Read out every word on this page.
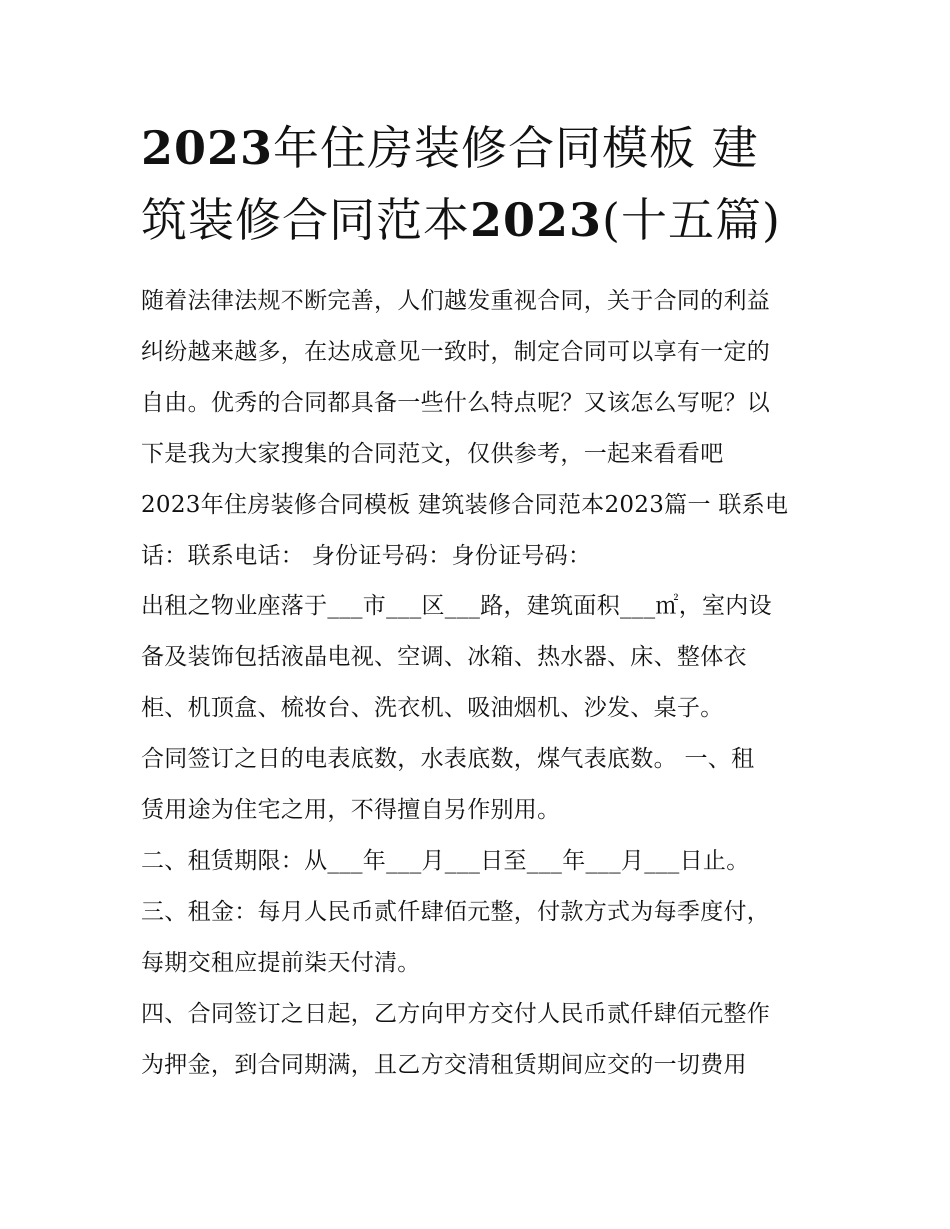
2023年住房装修合同模板 建
筑装修合同范本2023(十五篇)

随着法律法规不断完善，人们越发重视合同，关于合同的利益

纠纷越来越多，在达成意见一致时，制定合同可以享有一定的

自由。优秀的合同都具备一些什么特点呢？又该怎么写呢？以

下是我为大家搜集的合同范文，仅供参考，一起来看看吧

2023年住房装修合同模板 建筑装修合同范本2023篇一 联系电

话：联系电话： 身份证号码：身份证号码：

出租之物业座落于___市___区___路，建筑面积___㎡，室内设

备及装饰包括液晶电视、空调、冰箱、热水器、床、整体衣

柜、机顶盒、梳妆台、洗衣机、吸油烟机、沙发、桌子。

合同签订之日的电表底数，水表底数，煤气表底数。 一、租

赁用途为住宅之用，不得擅自另作别用。

二、租赁期限：从___年___月___日至___年___月___日止。

三、租金：每月人民币贰仟肆佰元整，付款方式为每季度付，

每期交租应提前柒天付清。

四、合同签订之日起，乙方向甲方交付人民币贰仟肆佰元整作

为押金，到合同期满，且乙方交清租赁期间应交的一切费用
